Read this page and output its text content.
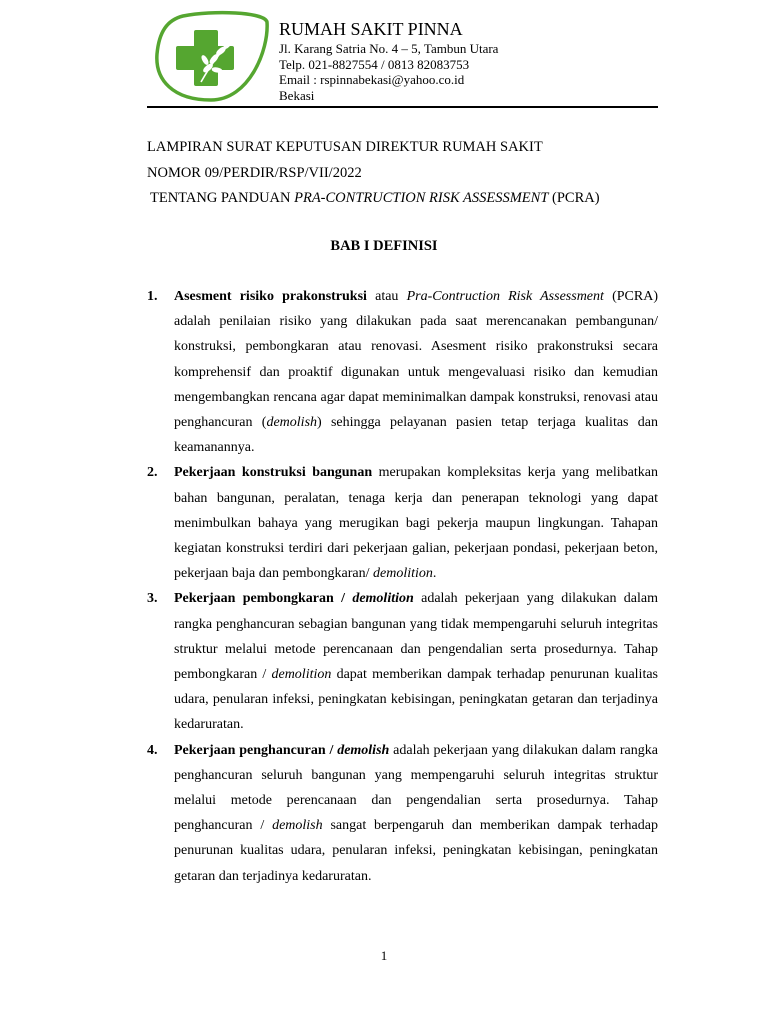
RUMAH SAKIT PINNA
Jl. Karang Satria No. 4 – 5, Tambun Utara
Telp. 021-8827554 / 0813 82083753
Email : rspinnabekasi@yahoo.co.id
Bekasi
LAMPIRAN SURAT KEPUTUSAN DIREKTUR RUMAH SAKIT
NOMOR 09/PERDIR/RSP/VII/2022
TENTANG PANDUAN PRA-CONTRUCTION RISK ASSESSMENT (PCRA)
BAB I DEFINISI
1. Asesment risiko prakonstruksi atau Pra-Contruction Risk Assessment (PCRA) adalah penilaian risiko yang dilakukan pada saat merencanakan pembangunan/ konstruksi, pembongkaran atau renovasi. Asesment risiko prakonstruksi secara komprehensif dan proaktif digunakan untuk mengevaluasi risiko dan kemudian mengembangkan rencana agar dapat meminimalkan dampak konstruksi, renovasi atau penghancuran (demolish) sehingga pelayanan pasien tetap terjaga kualitas dan keamanannya.
2. Pekerjaan konstruksi bangunan merupakan kompleksitas kerja yang melibatkan bahan bangunan, peralatan, tenaga kerja dan penerapan teknologi yang dapat menimbulkan bahaya yang merugikan bagi pekerja maupun lingkungan. Tahapan kegiatan konstruksi terdiri dari pekerjaan galian, pekerjaan pondasi, pekerjaan beton, pekerjaan baja dan pembongkaran/ demolition.
3. Pekerjaan pembongkaran / demolition adalah pekerjaan yang dilakukan dalam rangka penghancuran sebagian bangunan yang tidak mempengaruhi seluruh integritas struktur melalui metode perencanaan dan pengendalian serta prosedurnya. Tahap pembongkaran / demolition dapat memberikan dampak terhadap penurunan kualitas udara, penularan infeksi, peningkatan kebisingan, peningkatan getaran dan terjadinya kedaruratan.
4. Pekerjaan penghancuran / demolish adalah pekerjaan yang dilakukan dalam rangka penghancuran seluruh bangunan yang mempengaruhi seluruh integritas struktur melalui metode perencanaan dan pengendalian serta prosedurnya. Tahap penghancuran / demolish sangat berpengaruh dan memberikan dampak terhadap penurunan kualitas udara, penularan infeksi, peningkatan kebisingan, peningkatan getaran dan terjadinya kedaruratan.
1
